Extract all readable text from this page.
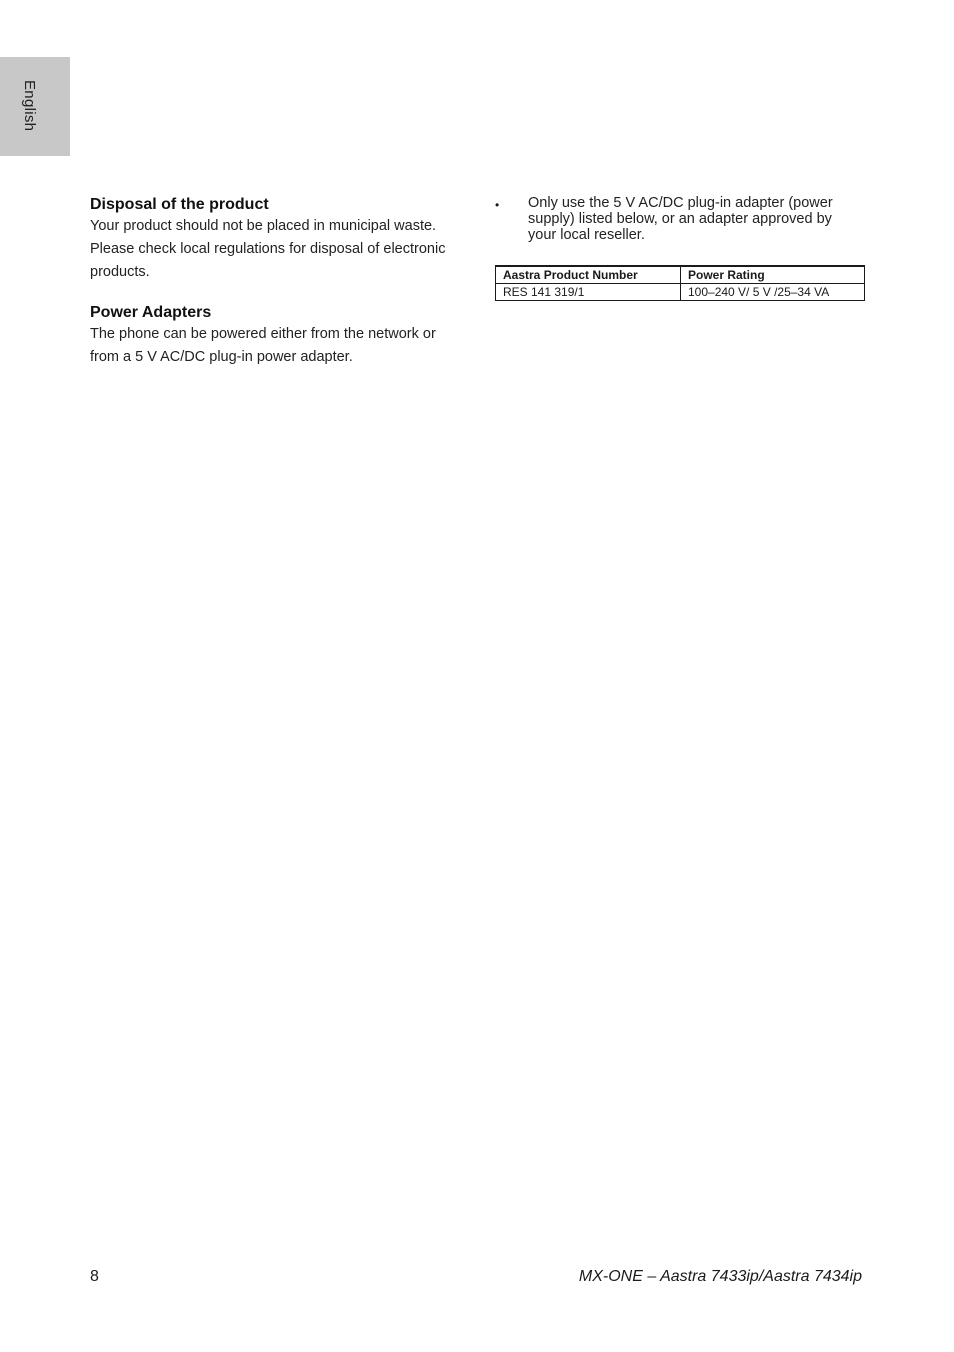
English
Disposal of the product

Your product should not be placed in municipal waste.
Please check local regulations for disposal of electronic
products.

Power Adapters

The phone can be powered either from the network or
from a 5 V AC/DC plug-in power adapter.

•	Only use the 5 V AC/DC plug-in adapter (power
supply) listed below, or an adapter approved by
your local reseller.
Aastra Product Number	Power Rating
RES 141 319/1	100–240 V/ 5 V /25–34 VA
8	MX-ONE – Aastra 7433ip/Aastra 7434ip
